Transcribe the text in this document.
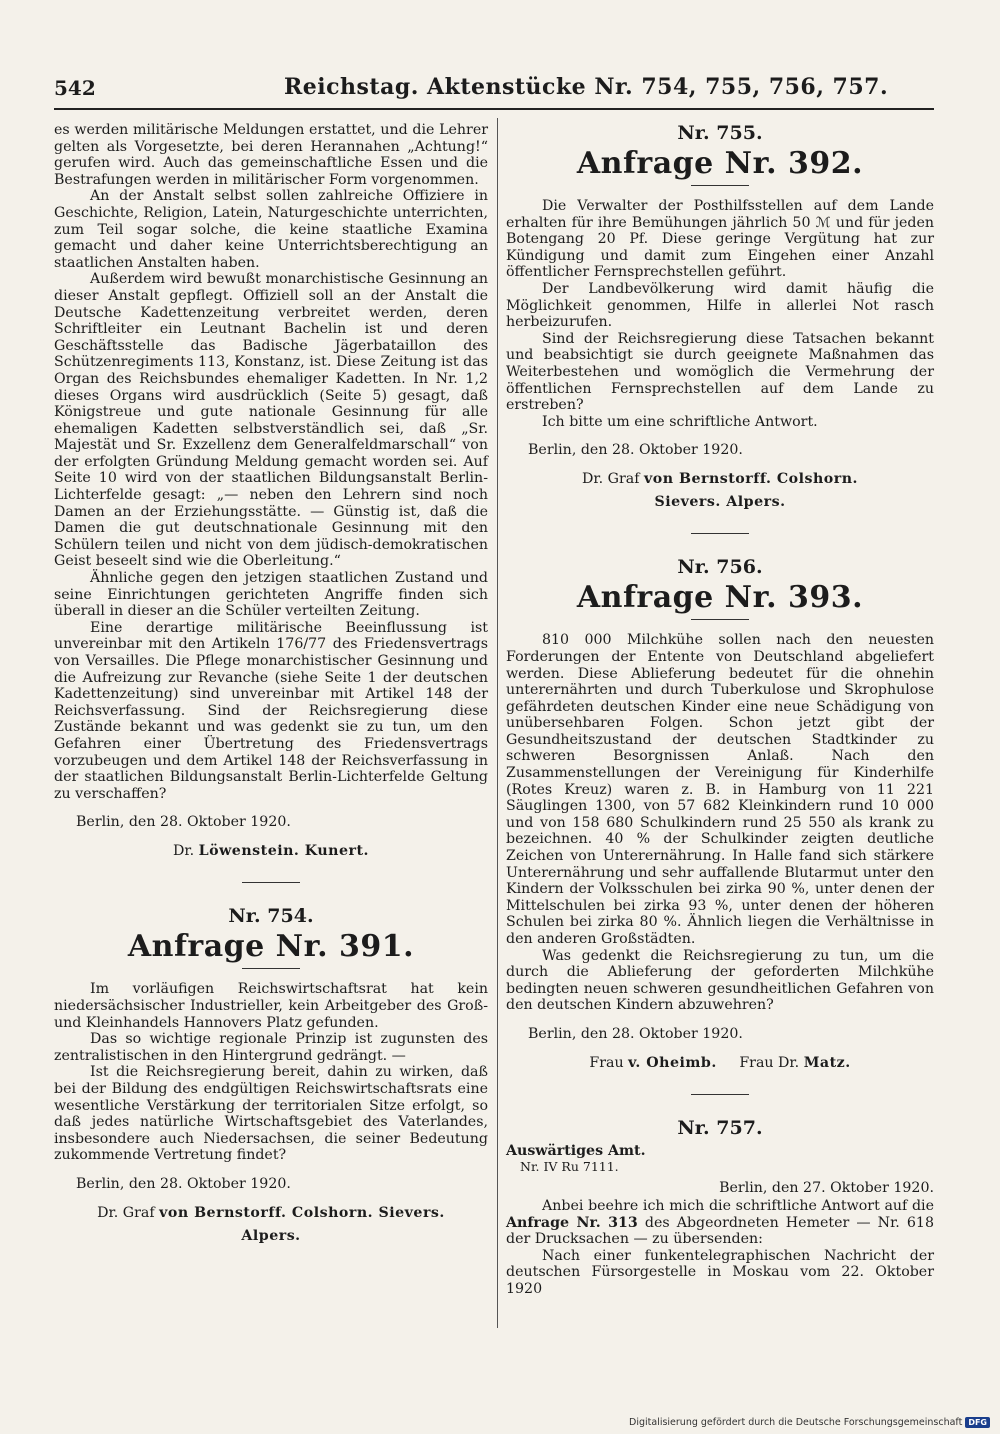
542	Reichstag. Aktenstücke Nr. 754, 755, 756, 757.

es werden militärische Meldungen erstattet, und die Lehrer gelten als Vorgesetzte, bei deren Herannahen „Achtung!“ gerufen wird. Auch das gemeinschaftliche Essen und die Bestrafungen werden in militärischer Form vorgenommen.

An der Anstalt selbst sollen zahlreiche Offiziere in Geschichte, Religion, Latein, Naturgeschichte unterrichten, zum Teil sogar solche, die keine staatliche Examina gemacht und daher keine Unterrichtsberechtigung an staatlichen Anstalten haben.

Außerdem wird bewußt monarchistische Gesinnung an dieser Anstalt gepflegt. Offiziell soll an der Anstalt die Deutsche Kadettenzeitung verbreitet werden, deren Schriftleiter ein Leutnant Bachelin ist und deren Geschäftsstelle das Badische Jägerbataillon des Schützenregiments 113, Konstanz, ist. Diese Zeitung ist das Organ des Reichsbundes ehemaliger Kadetten. In Nr. 1,2 dieses Organs wird ausdrücklich (Seite 5) gesagt, daß Königstreue und gute nationale Gesinnung für alle ehemaligen Kadetten selbstverständlich sei, daß „Sr. Majestät und Sr. Exzellenz dem Generalfeldmarschall“ von der erfolgten Gründung Meldung gemacht worden sei. Auf Seite 10 wird von der staatlichen Bildungsanstalt Berlin-Lichterfelde gesagt: „— neben den Lehrern sind noch Damen an der Erziehungsstätte. — Günstig ist, daß die Damen die gut deutschnationale Gesinnung mit den Schülern teilen und nicht von dem jüdisch-demokratischen Geist beseelt sind wie die Oberleitung.“

Ähnliche gegen den jetzigen staatlichen Zustand und seine Einrichtungen gerichteten Angriffe finden sich überall in dieser an die Schüler verteilten Zeitung.

Eine derartige militärische Beeinflussung ist unvereinbar mit den Artikeln 176/77 des Friedensvertrags von Versailles. Die Pflege monarchistischer Gesinnung und die Aufreizung zur Revanche (siehe Seite 1 der deutschen Kadettenzeitung) sind unvereinbar mit Artikel 148 der Reichsverfassung. Sind der Reichsregierung diese Zustände bekannt und was gedenkt sie zu tun, um den Gefahren einer Übertretung des Friedensvertrags vorzubeugen und dem Artikel 148 der Reichsverfassung in der staatlichen Bildungsanstalt Berlin-Lichterfelde Geltung zu verschaffen?

Berlin, den 28. Oktober 1920.
Dr. Löwenstein. Kunert.
Nr. 754.
Anfrage Nr. 391.

Im vorläufigen Reichswirtschaftsrat hat kein niedersächsischer Industrieller, kein Arbeitgeber des Groß- und Kleinhandels Hannovers Platz gefunden.

Das so wichtige regionale Prinzip ist zugunsten des zentralistischen in den Hintergrund gedrängt. —

Ist die Reichsregierung bereit, dahin zu wirken, daß bei der Bildung des endgültigen Reichswirtschaftsrats eine wesentliche Verstärkung der territorialen Sitze erfolgt, so daß jedes natürliche Wirtschaftsgebiet des Vaterlandes, insbesondere auch Niedersachsen, die seiner Bedeutung zukommende Vertretung findet?

Berlin, den 28. Oktober 1920.
Dr. Graf von Bernstorff. Colshorn. Sievers.
Alpers.
Nr. 755.
Anfrage Nr. 392.

Die Verwalter der Posthilfsstellen auf dem Lande erhalten für ihre Bemühungen jährlich 50 ℳ und für jeden Botengang 20 Pf. Diese geringe Vergütung hat zur Kündigung und damit zum Eingehen einer Anzahl öffentlicher Fernsprechstellen geführt.

Der Landbevölkerung wird damit häufig die Möglichkeit genommen, Hilfe in allerlei Not rasch herbeizurufen.

Sind der Reichsregierung diese Tatsachen bekannt und beabsichtigt sie durch geeignete Maßnahmen das Weiterbestehen und womöglich die Vermehrung der öffentlichen Fernsprechstellen auf dem Lande zu erstreben?

Ich bitte um eine schriftliche Antwort.

Berlin, den 28. Oktober 1920.
Dr. Graf von Bernstorff. Colshorn.
Sievers. Alpers.
Nr. 756.
Anfrage Nr. 393.

810 000 Milchkühe sollen nach den neuesten Forderungen der Entente von Deutschland abgeliefert werden. Diese Ablieferung bedeutet für die ohnehin unterernährten und durch Tuberkulose und Skrophulose gefährdeten deutschen Kinder eine neue Schädigung von unübersehbaren Folgen. Schon jetzt gibt der Gesundheitszustand der deutschen Stadtkinder zu schweren Besorgnissen Anlaß. Nach den Zusammenstellungen der Vereinigung für Kinderhilfe (Rotes Kreuz) waren z. B. in Hamburg von 11 221 Säuglingen 1300, von 57 682 Kleinkindern rund 10 000 und von 158 680 Schulkindern rund 25 550 als krank zu bezeichnen. 40 % der Schulkinder zeigten deutliche Zeichen von Unterernährung. In Halle fand sich stärkere Unterernährung und sehr auffallende Blutarmut unter den Kindern der Volksschulen bei zirka 90 %, unter denen der Mittelschulen bei zirka 93 %, unter denen der höheren Schulen bei zirka 80 %. Ähnlich liegen die Verhältnisse in den anderen Großstädten.

Was gedenkt die Reichsregierung zu tun, um die durch die Ablieferung der geforderten Milchkühe bedingten neuen schweren gesundheitlichen Gefahren von den deutschen Kindern abzuwehren?

Berlin, den 28. Oktober 1920.
Frau v. Oheimb. Frau Dr. Matz.
Nr. 757.
Auswärtiges Amt.
Nr. IV Ru 7111.
Berlin, den 27. Oktober 1920.

Anbei beehre ich mich die schriftliche Antwort auf die Anfrage Nr. 313 des Abgeordneten Hemeter — Nr. 618 der Drucksachen — zu übersenden:

Nach einer funkentelegraphischen Nachricht der deutschen Fürsorgestelle in Moskau vom 22. Oktober 1920

Digitalisierung gefördert durch die Deutsche Forschungsgemeinschaft DFG
